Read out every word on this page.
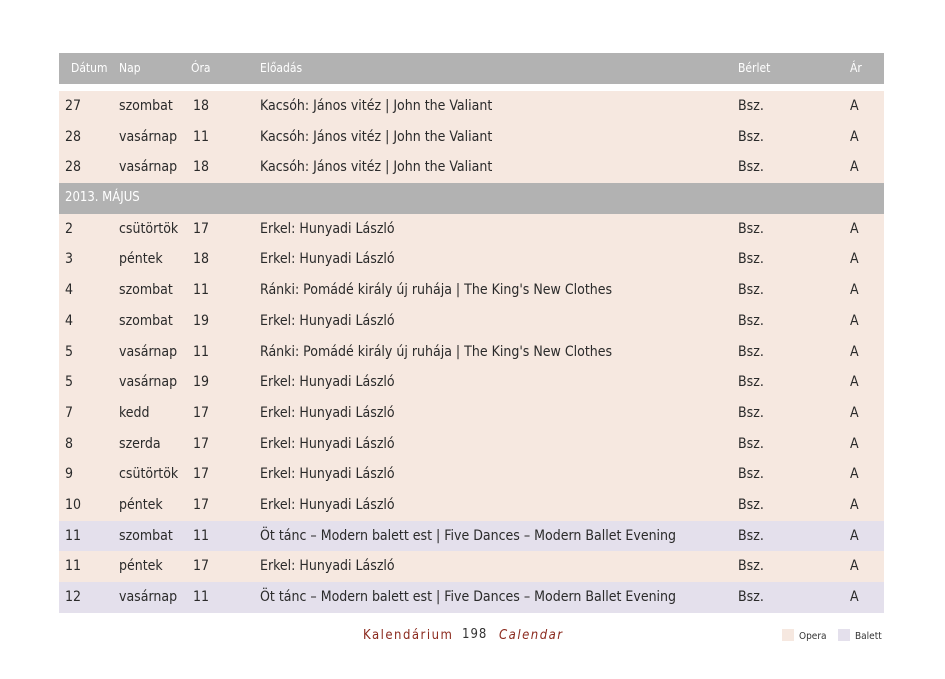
Dátum Nap	Óra	Előadás	Bérlet	Ár
27	szombat 18	Kacsóh: János vitéz | John the Valiant	Bsz.	A
28	vasárnap 11	Kacsóh: János vitéz | John the Valiant	Bsz.	A
28	vasárnap 18	Kacsóh: János vitéz | John the Valiant	Bsz.	A
2013. MÁJUS
2	csütörtök 17	Erkel: Hunyadi László	Bsz.	A
3	péntek 18	Erkel: Hunyadi László	Bsz.	A
4	szombat 11	Ránki: Pomádé király új ruhája | The King's New Clothes	Bsz.	A
4	szombat 19	Erkel: Hunyadi László	Bsz.	A
5	vasárnap 11	Ránki: Pomádé király új ruhája | The King's New Clothes	Bsz.	A
5	vasárnap 19	Erkel: Hunyadi László	Bsz.	A
7	kedd	17	Erkel: Hunyadi László	Bsz.	A
8	szerda 17	Erkel: Hunyadi László	Bsz.	A
9	csütörtök 17	Erkel: Hunyadi László	Bsz.	A
10	péntek 17	Erkel: Hunyadi László	Bsz.	A
11	szombat 11	Öt tánc – Modern balett est | Five Dances – Modern Ballet Evening	Bsz.	A
11	péntek 17	Erkel: Hunyadi László	Bsz.	A
12	vasárnap 11	Öt tánc – Modern balett est | Five Dances – Modern Ballet Evening	Bsz.	A
Kalendárium 198 Calendar	Opera	Balett
